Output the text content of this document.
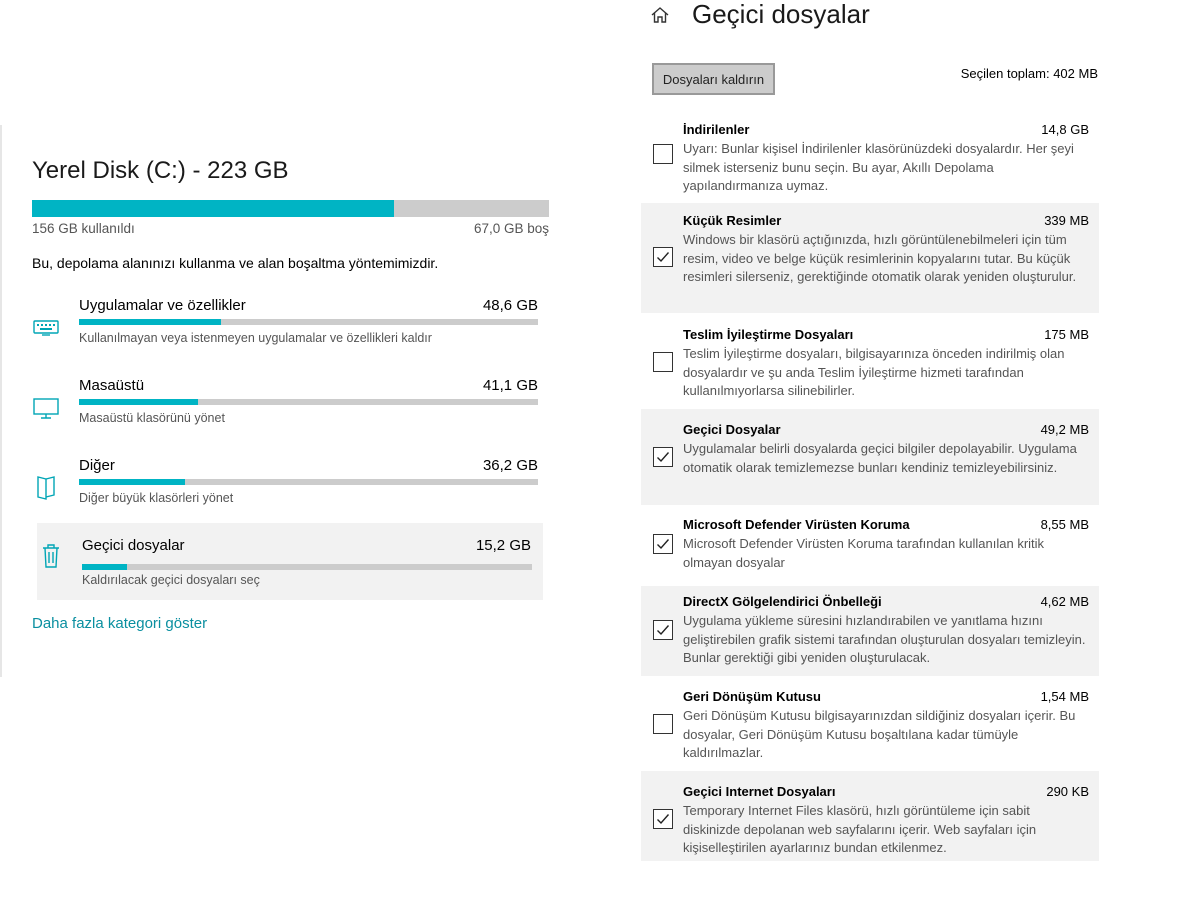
Yerel Disk (C:) - 223 GB
156 GB kullanıldı	67,0 GB boş
Bu, depolama alanınızı kullanma ve alan boşaltma yöntemimizdir.
Uygulamalar ve özellikler	48,6 GB
Kullanılmayan veya istenmeyen uygulamalar ve özellikleri kaldır
Masaüstü	41,1 GB
Masaüstü klasörünü yönet
Diğer	36,2 GB
Diğer büyük klasörleri yönet
Geçici dosyalar	15,2 GB
Kaldırılacak geçici dosyaları seç
Daha fazla kategori göster
Geçici dosyalar
Dosyaları kaldırın	Seçilen toplam: 402 MB
İndirilenler	14,8 GB
Uyarı: Bunlar kişisel İndirilenler klasörünüzdeki dosyalardır. Her şeyi silmek isterseniz bunu seçin. Bu ayar, Akıllı Depolama yapılandırmanıza uymaz.
Küçük Resimler	339 MB
Windows bir klasörü açtığınızda, hızlı görüntülenebilmeleri için tüm resim, video ve belge küçük resimlerinin kopyalarını tutar. Bu küçük resimleri silerseniz, gerektiğinde otomatik olarak yeniden oluşturulur.
Teslim İyileştirme Dosyaları	175 MB
Teslim İyileştirme dosyaları, bilgisayarınıza önceden indirilmiş olan dosyalardır ve şu anda Teslim İyileştirme hizmeti tarafından kullanılmıyorlarsa silinebilirler.
Geçici Dosyalar	49,2 MB
Uygulamalar belirli dosyalarda geçici bilgiler depolayabilir. Uygulama otomatik olarak temizlemezse bunları kendiniz temizleyebilirsiniz.
Microsoft Defender Virüsten Koruma	8,55 MB
Microsoft Defender Virüsten Koruma tarafından kullanılan kritik olmayan dosyalar
DirectX Gölgelendirici Önbelleği	4,62 MB
Uygulama yükleme süresini hızlandırabilen ve yanıtlama hızını geliştirebilen grafik sistemi tarafından oluşturulan dosyaları temizleyin. Bunlar gerektiği gibi yeniden oluşturulacak.
Geri Dönüşüm Kutusu	1,54 MB
Geri Dönüşüm Kutusu bilgisayarınızdan sildiğiniz dosyaları içerir. Bu dosyalar, Geri Dönüşüm Kutusu boşaltılana kadar tümüyle kaldırılmazlar.
Geçici Internet Dosyaları	290 KB
Temporary Internet Files klasörü, hızlı görüntüleme için sabit diskinizde depolanan web sayfalarını içerir. Web sayfaları için kişiselleştirilen ayarlarınız bundan etkilenmez.
